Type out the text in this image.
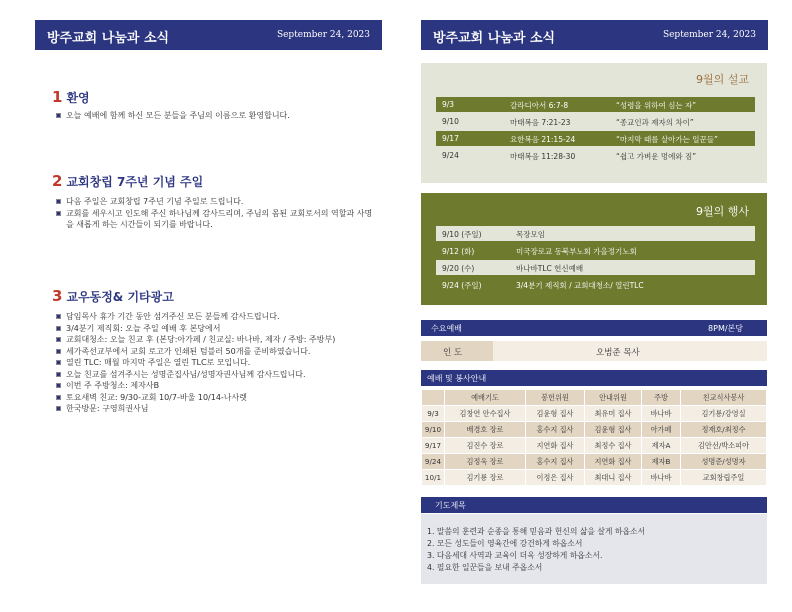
방주교회 나눔과 소식	September 24, 2023
1 환영
오늘 예배에 함께 하신 모든 분들을 주님의 이름으로 환영합니다.
2 교회창립 7주년 기념 주일
다음 주일은 교회창립 7주년 기념 주일로 드립니다.
교회를 세우시고 인도해 주신 하나님께 감사드리며, 주님의 몸된 교회로서의 역할과 사명을 새롭게 하는 시간들이 되기를 바랍니다.
3 교우동정& 기타광고
담임목사 휴가 기간 동안 섬겨주신 모든 분들께 감사드립니다.
3/4분기 제직회: 오늘 주일 예배 후 본당에서
교회대청소: 오늘 친교 후 (본당:아가페 / 친교실: 바나바, 제자 / 주방: 주방부)
세가족선교부에서 교회 로고가 인쇄된 텀블러 50개를 준비하였습니다.
열린 TLC: 매월 마지막 주일은 열린 TLC로 모입니다.
오늘 친교를 섬겨주시는 성명준집사님/성명자권사님께 감사드립니다.
이번 주 주방청소: 제자사B
토요새벽 친교: 9/30-교회 10/7-바울 10/14-나사렛
한국방문: 구영희권사님
방주교회 나눔과 소식	September 24, 2023
9월의 설교
9/3	갈라디아서 6:7-8	“성령을 위하여 심는 자”
9/10	마태복음 7:21-23	“종교인과 제자의 차이”
9/17	요한복음 21:15-24	“마지막 때를 살아가는 일꾼들”
9/24	마태복음 11:28-30	“쉽고 가벼운 멍에와 짐”
9월의 행사
9/10 (주일)	목장모임
9/12 (화)	미국장로교 동북부노회 가을정기노회
9/20 (수)	바나바TLC 헌신예배
9/24 (주일)	3/4분기 제직회 / 교회대청소/ 열린TLC
수요예배	8PM/본당
인 도	오범준 목사
예배 및 봉사안내
	예배기도	봉헌위원	안내위원	주방	친교식사봉사
9/3	김창연 안수집사	김윤형 집사	최유미 집사	바나바	김기룡/강영실
9/10	배경호 장로	홍수지 집사	김윤형 집사	아가페	정재호/최정수
9/17	김진수 장로	지연화 집사	최정수 집사	제자A	김안선/박소피아
9/24	김정욱 장로	홍수지 집사	지연화 집사	제자B	성명준/성명자
10/1	김기룡 장로	이정은 집사	최대니 집사	바나바	교회창립주일
기도제목
1. 말씀의 훈련과 순종을 통해 믿음과 헌신의 삶을 살게 하옵소서
2. 모든 성도들이 영육간에 강건하게 하옵소서
3. 다음세대 사역과 교육이 더욱 성장하게 하옵소서.
4. 필요한 일꾼들을 보내 주옵소서
